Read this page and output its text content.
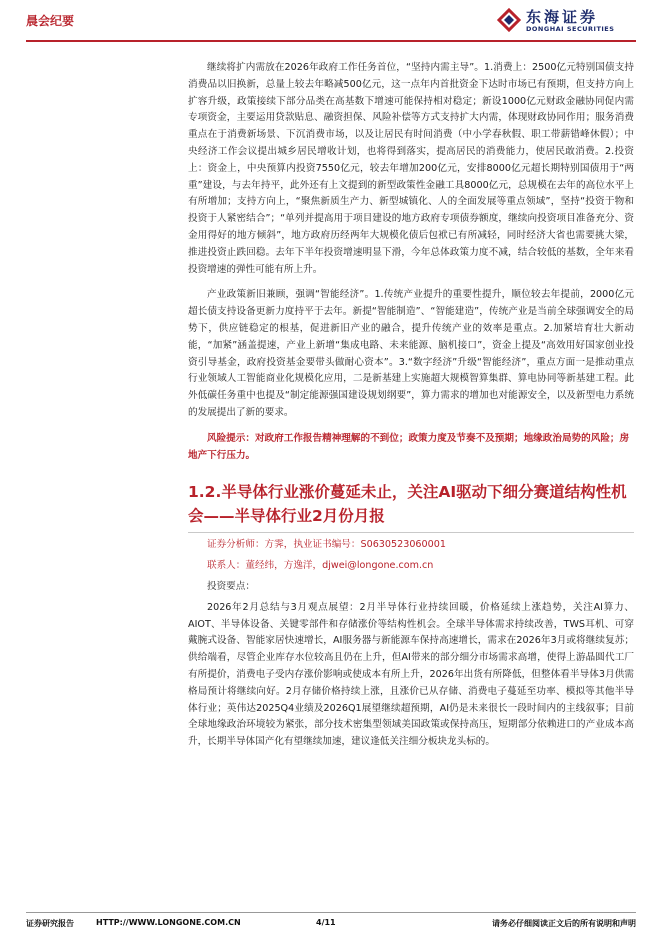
晨会纪要	东海证券
DONGHAI SECURITIES

继续将扩内需放在2026年政府工作任务首位，“坚持内需主导”。1.消费上：2500亿元特别国债支持消费品以旧换新，总量上较去年略减500亿元，这一点年内首批资金下达时市场已有预期，但支持方向上扩容升级，政策接续下部分品类在高基数下增速可能保持相对稳定；新设1000亿元财政金融协同促内需专项资金，主要运用贷款贴息、融资担保、风险补偿等方式支持扩大内需，体现财政协同作用；服务消费重点在于消费新场景、下沉消费市场，以及让居民有时间消费（中小学春秋假、职工带薪错峰休假）；中央经济工作会议提出城乡居民增收计划，也将得到落实，提高居民的消费能力，使居民敢消费。2.投资上：资金上，中央预算内投资7550亿元，较去年增加200亿元，安排8000亿元超长期特别国债用于“两重”建设，与去年持平，此外还有上文提到的新型政策性金融工具8000亿元，总规模在去年的高位水平上有所增加；支持方向上，“聚焦新质生产力、新型城镇化、人的全面发展等重点领域”，坚持“投资于物和投资于人紧密结合”；“单列并提高用于项目建设的地方政府专项债券额度，继续向投资项目准备充分、资金用得好的地方倾斜”，地方政府历经两年大规模化债后包袱已有所减轻，同时经济大省也需要挑大梁，推进投资止跌回稳。去年下半年投资增速明显下滑，今年总体政策力度不减，结合较低的基数，全年来看投资增速的弹性可能有所上升。

产业政策新旧兼顾，强调“智能经济”。1.传统产业提升的重要性提升，顺位较去年提前，2000亿元超长债支持设备更新力度持平于去年。新提“智能制造”、“智能建造”，传统产业是当前全球强调安全的局势下，供应链稳定的根基，促进新旧产业的融合，提升传统产业的效率是重点。2.加紧培育壮大新动能，“加紧”涵盖提速，产业上新增“集成电路、未来能源、脑机接口”，资金上提及“高效用好国家创业投资引导基金，政府投资基金要带头做耐心资本”。3.“数字经济”升级“智能经济”，重点方面一是推动重点行业领域人工智能商业化规模化应用，二是新基建上实施超大规模智算集群、算电协同等新基建工程。此外低碳任务重中也提及“制定能源强国建设规划纲要”，算力需求的增加也对能源安全，以及新型电力系统的发展提出了新的要求。

风险提示：对政府工作报告精神理解的不到位；政策力度及节奏不及预期；地缘政治局势的风险；房地产下行压力。

1.2.半导体行业涨价蔓延未止，关注AI驱动下细分赛道结构性机会——半导体行业2月份月报

证券分析师：方霁，执业证书编号：S0630523060001

联系人：董经纬，方逸洋，djwei@longone.com.cn

投资要点：

2026年2月总结与3月观点展望：2月半导体行业持续回暖，价格延续上涨趋势，关注AI算力、AIOT、半导体设备、关键零部件和存储涨价等结构性机会。全球半导体需求持续改善，TWS耳机、可穿戴腕式设备、智能家居快速增长，AI服务器与新能源车保持高速增长，需求在2026年3月或将继续复苏；供给端看，尽管企业库存水位较高且仍在上升，但AI带来的部分细分市场需求高增，使得上游晶圆代工厂有所提价，消费电子受内存涨价影响或使成本有所上升，2026年出货有所降低，但整体看半导体3月供需格局预计将继续向好。2月存储价格持续上涨，且涨价已从存储、消费电子蔓延至功率、模拟等其他半导体行业；英伟达2025Q4业绩及2026Q1展望继续超预期，AI仍是未来很长一段时间内的主线叙事；目前全球地缘政治环境较为紧张，部分技术密集型领域美国政策或保持高压，短期部分依赖进口的产业成本高升，长期半导体国产化有望继续加速，建议逢低关注细分板块龙头标的。

证券研究报告	HTTP://WWW.LONGONE.COM.CN	4/11	请务必仔细阅读正文后的所有说明和声明
